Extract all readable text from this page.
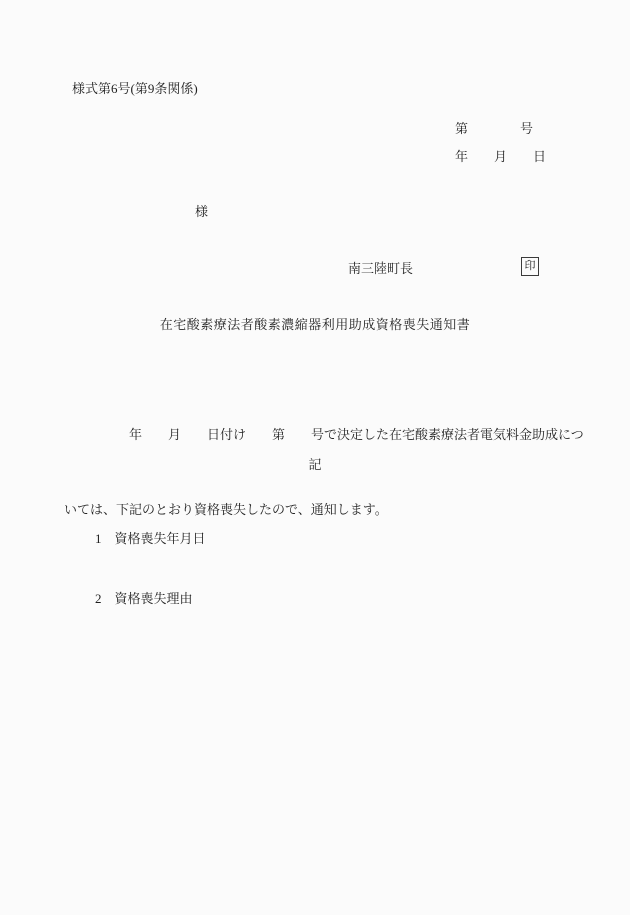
様式第6号(第9条関係)
第　　　　号
年　　月　　日
様
南三陸町長	印
在宅酸素療法者酸素濃縮器利用助成資格喪失通知書

　　　　　年　　月　　日付け　　第　　号で決定した在宅酸素療法者電気料金助成につ

いては、下記のとおり資格喪失したので、通知します。

記

1 資格喪失年月日

2 資格喪失理由
